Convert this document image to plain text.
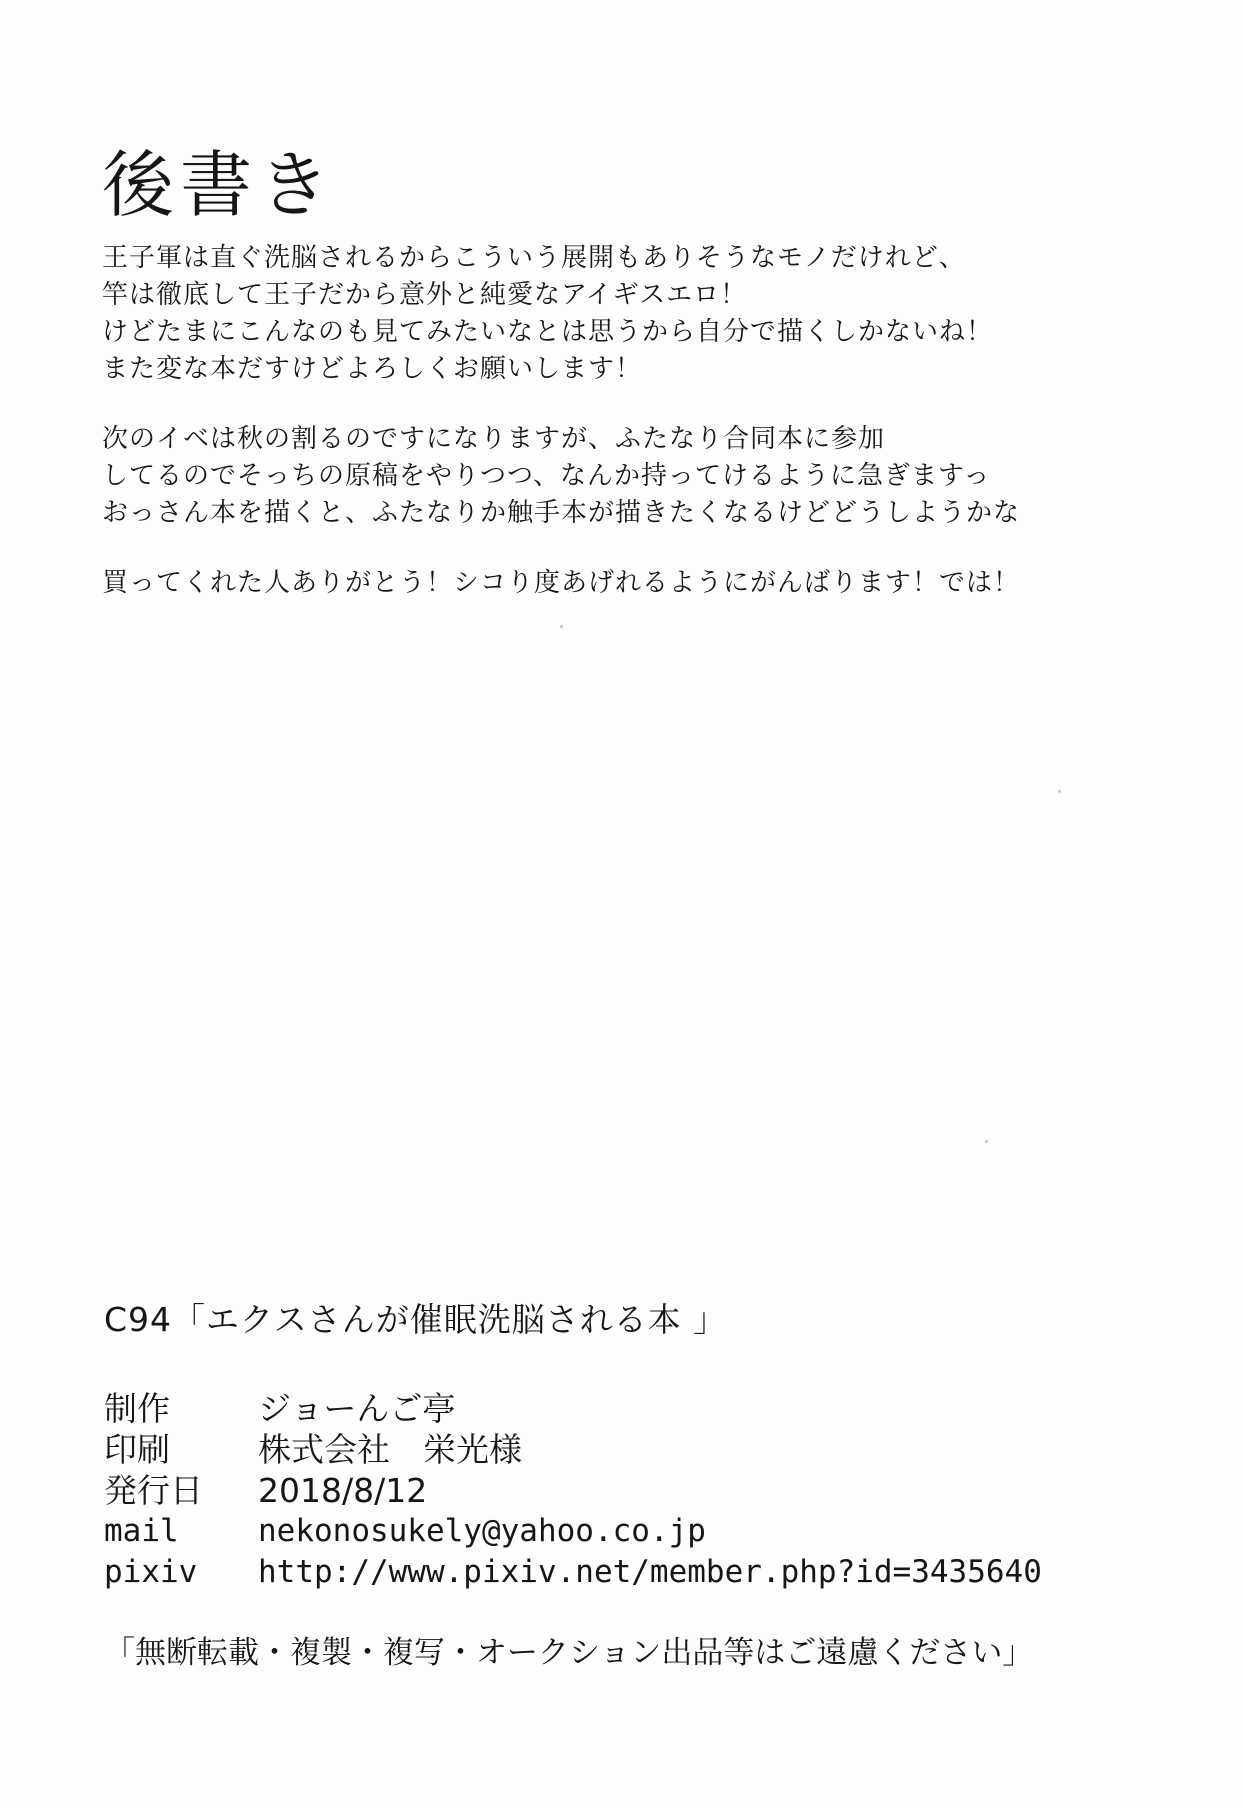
後書き
王子軍は直ぐ洗脳されるからこういう展開もありそうなモノだけれど、
竿は徹底して王子だから意外と純愛なアイギスエロ！
けどたまにこんなのも見てみたいなとは思うから自分で描くしかないね！
また変な本だすけどよろしくお願いします！
次のイベは秋の割るのですになりますが、ふたなり合同本に参加
してるのでそっちの原稿をやりつつ、なんか持ってけるように急ぎますっ
おっさん本を描くと、ふたなりか触手本が描きたくなるけどどうしようかな
買ってくれた人ありがとう！シコり度あげれるようにがんばります！では！
C94「エクスさんが催眠洗脳される本 」
制作	ジョーんご亭
印刷	株式会社　栄光様
発行日	2018/8/12
mail	nekonosukely@yahoo.co.jp
pixiv	http://www.pixiv.net/member.php?id=3435640
「無断転載・複製・複写・オークション出品等はご遠慮ください」
